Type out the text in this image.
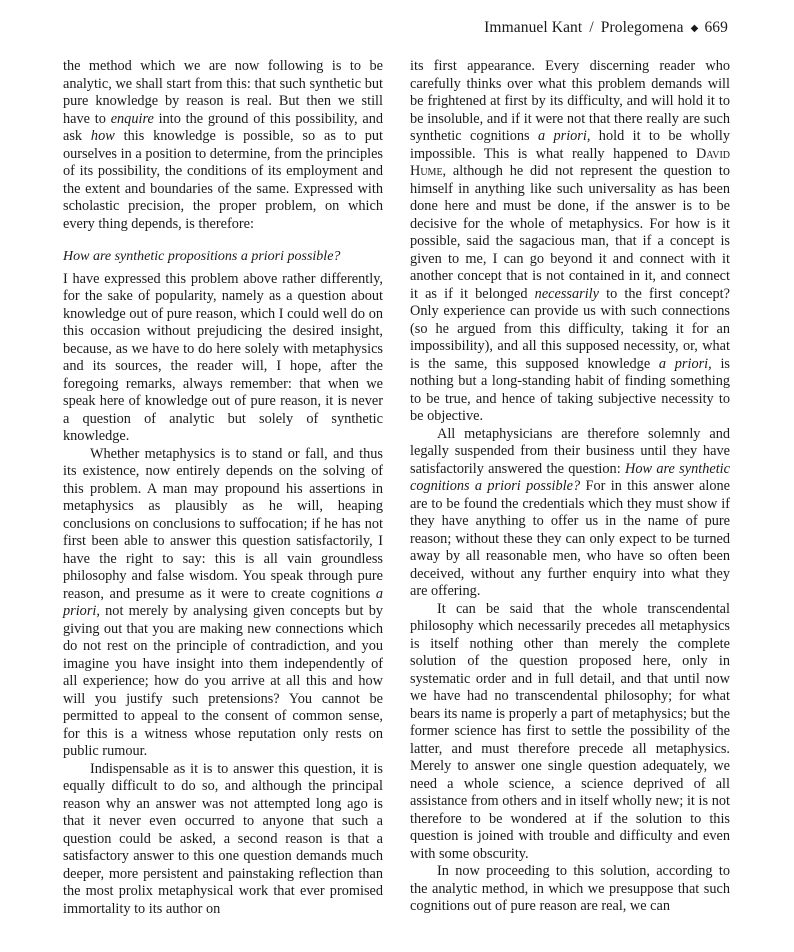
Immanuel Kant / Prolegomena ◆ 669

the method which we are now following is to be analytic, we shall start from this: that such synthetic but pure knowledge by reason is real. But then we still have to enquire into the ground of this possibility, and ask how this knowledge is possible, so as to put ourselves in a position to determine, from the principles of its possibility, the conditions of its employment and the extent and boundaries of the same. Expressed with scholastic precision, the proper problem, on which every thing depends, is therefore:

How are synthetic propositions a priori possible?

I have expressed this problem above rather differently, for the sake of popularity, namely as a question about knowledge out of pure reason, which I could well do on this occasion without prejudicing the desired insight, because, as we have to do here solely with metaphysics and its sources, the reader will, I hope, after the foregoing remarks, always remember: that when we speak here of knowledge out of pure reason, it is never a question of analytic but solely of synthetic knowledge.

Whether metaphysics is to stand or fall, and thus its existence, now entirely depends on the solving of this problem. A man may propound his assertions in metaphysics as plausibly as he will, heaping conclusions on conclusions to suffocation; if he has not first been able to answer this question satisfactorily, I have the right to say: this is all vain groundless philosophy and false wisdom. You speak through pure reason, and presume as it were to create cognitions a priori, not merely by analysing given concepts but by giving out that you are making new connections which do not rest on the principle of contradiction, and you imagine you have insight into them independently of all experience; how do you arrive at all this and how will you justify such pretensions? You cannot be permitted to appeal to the consent of common sense, for this is a witness whose reputation only rests on public rumour.

Indispensable as it is to answer this question, it is equally difficult to do so, and although the principal reason why an answer was not attempted long ago is that it never even occurred to anyone that such a question could be asked, a second reason is that a satisfactory answer to this one question demands much deeper, more persistent and painstaking reflection than the most prolix metaphysical work that ever promised immortality to its author on

its first appearance. Every discerning reader who carefully thinks over what this problem demands will be frightened at first by its difficulty, and will hold it to be insoluble, and if it were not that there really are such synthetic cognitions a priori, hold it to be wholly impossible. This is what really happened to David Hume, although he did not represent the question to himself in anything like such universality as has been done here and must be done, if the answer is to be decisive for the whole of metaphysics. For how is it possible, said the sagacious man, that if a concept is given to me, I can go beyond it and connect with it another concept that is not contained in it, and connect it as if it belonged necessarily to the first concept? Only experience can provide us with such connections (so he argued from this difficulty, taking it for an impossibility), and all this supposed necessity, or, what is the same, this supposed knowledge a priori, is nothing but a long-standing habit of finding something to be true, and hence of taking subjective necessity to be objective.

All metaphysicians are therefore solemnly and legally suspended from their business until they have satisfactorily answered the question: How are synthetic cognitions a priori possible? For in this answer alone are to be found the credentials which they must show if they have anything to offer us in the name of pure reason; without these they can only expect to be turned away by all reasonable men, who have so often been deceived, without any further enquiry into what they are offering.

It can be said that the whole transcendental philosophy which necessarily precedes all metaphysics is itself nothing other than merely the complete solution of the question proposed here, only in systematic order and in full detail, and that until now we have had no transcendental philosophy; for what bears its name is properly a part of metaphysics; but the former science has first to settle the possibility of the latter, and must therefore precede all metaphysics. Merely to answer one single question adequately, we need a whole science, a science deprived of all assistance from others and in itself wholly new; it is not therefore to be wondered at if the solution to this question is joined with trouble and difficulty and even with some obscurity.

In now proceeding to this solution, according to the analytic method, in which we presuppose that such cognitions out of pure reason are real, we can
